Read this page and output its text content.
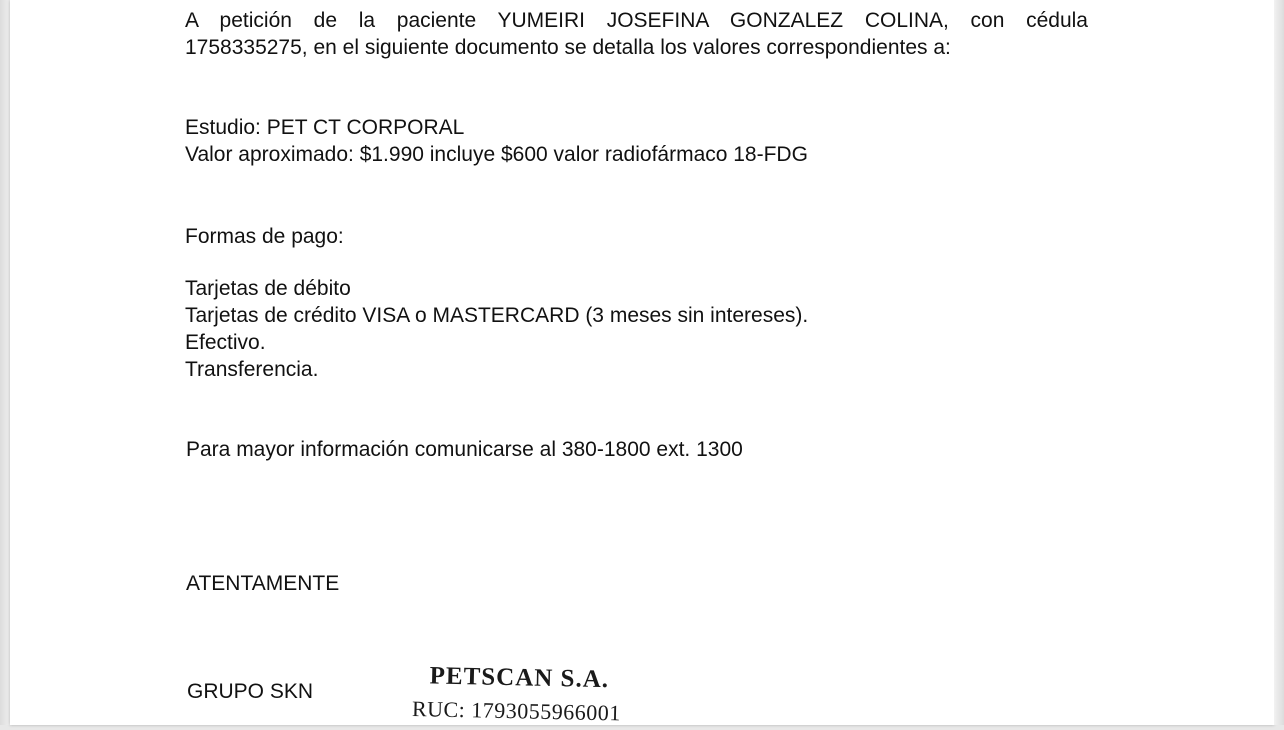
A petición de la paciente YUMEIRI JOSEFINA GONZALEZ COLINA, con cédula
1758335275, en el siguiente documento se detalla los valores correspondientes a:
Estudio: PET CT CORPORAL
Valor aproximado: $1.990 incluye $600 valor radiofármaco 18-FDG
Formas de pago:
Tarjetas de débito
Tarjetas de crédito VISA o MASTERCARD (3 meses sin intereses).
Efectivo.
Transferencia.
Para mayor información comunicarse al 380-1800 ext. 1300
ATENTAMENTE
GRUPO SKN	PETSCAN S.A.
RUC: 1793055966001
